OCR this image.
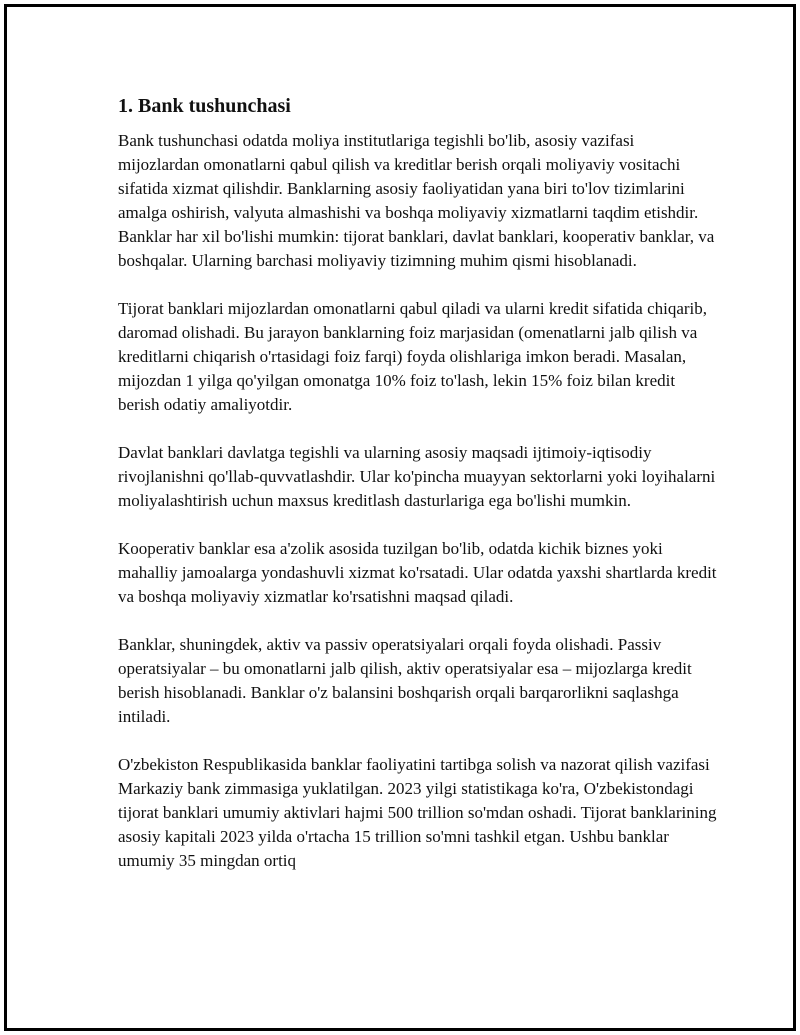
1. Bank tushunchasi

Bank tushunchasi odatda moliya institutlariga tegishli bo'lib, asosiy vazifasi mijozlardan omonatlarni qabul qilish va kreditlar berish orqali moliyaviy vositachi sifatida xizmat qilishdir. Banklarning asosiy faoliyatidan yana biri to'lov tizimlarini amalga oshirish, valyuta almashishi va boshqa moliyaviy xizmatlarni taqdim etishdir. Banklar har xil bo'lishi mumkin: tijorat banklari, davlat banklari, kooperativ banklar, va boshqalar. Ularning barchasi moliyaviy tizimning muhim qismi hisoblanadi.

Tijorat banklari mijozlardan omonatlarni qabul qiladi va ularni kredit sifatida chiqarib, daromad olishadi. Bu jarayon banklarning foiz marjasidan (omenatlarni jalb qilish va kreditlarni chiqarish o'rtasidagi foiz farqi) foyda olishlariga imkon beradi. Masalan, mijozdan 1 yilga qo'yilgan omonatga 10% foiz to'lash, lekin 15% foiz bilan kredit berish odatiy amaliyotdir.

Davlat banklari davlatga tegishli va ularning asosiy maqsadi ijtimoiy-iqtisodiy rivojlanishni qo'llab-quvvatlashdir. Ular ko'pincha muayyan sektorlarni yoki loyihalarni moliyalashtirish uchun maxsus kreditlash dasturlariga ega bo'lishi mumkin.

Kooperativ banklar esa a'zolik asosida tuzilgan bo'lib, odatda kichik biznes yoki mahalliy jamoalarga yondashuvli xizmat ko'rsatadi. Ular odatda yaxshi shartlarda kredit va boshqa moliyaviy xizmatlar ko'rsatishni maqsad qiladi.

Banklar, shuningdek, aktiv va passiv operatsiyalari orqali foyda olishadi. Passiv operatsiyalar – bu omonatlarni jalb qilish, aktiv operatsiyalar esa – mijozlarga kredit berish hisoblanadi. Banklar o'z balansini boshqarish orqali barqarorlikni saqlashga intiladi.

O'zbekiston Respublikasida banklar faoliyatini tartibga solish va nazorat qilish vazifasi Markaziy bank zimmasiga yuklatilgan. 2023 yilgi statistikaga ko'ra, O'zbekistondagi tijorat banklari umumiy aktivlari hajmi 500 trillion so'mdan oshadi. Tijorat banklarining asosiy kapitali 2023 yilda o'rtacha 15 trillion so'mni tashkil etgan. Ushbu banklar umumiy 35 mingdan ortiq
